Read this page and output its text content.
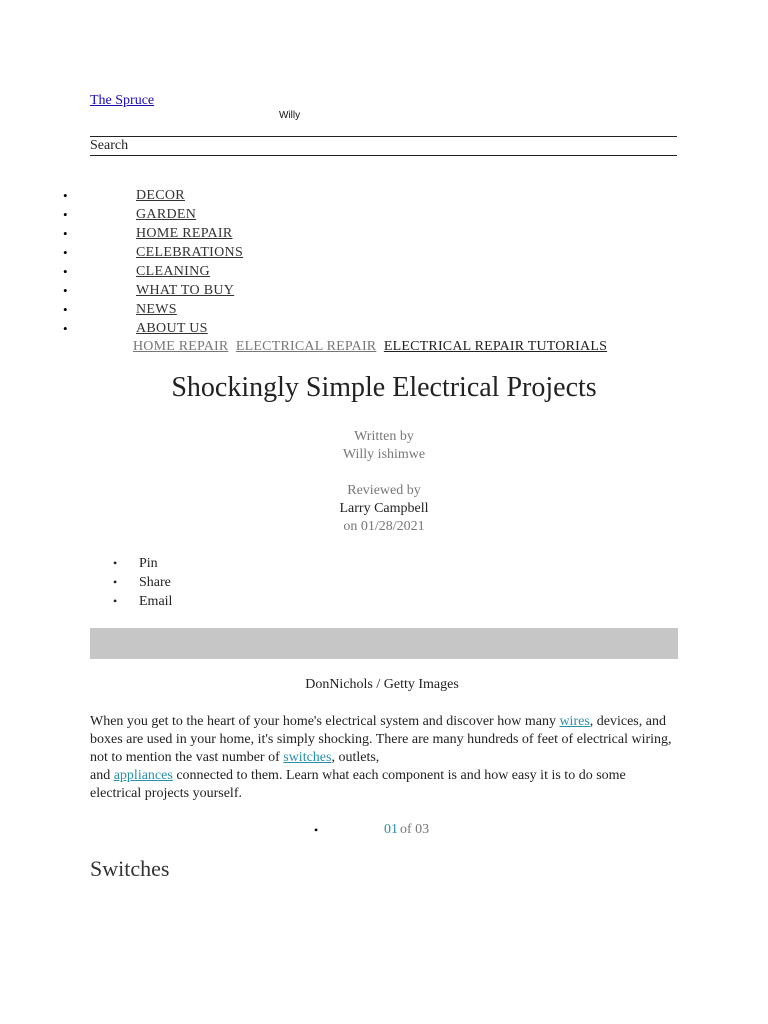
The Spruce
Willy
Search
•	DECOR
•	GARDEN
•	HOME REPAIR
•	CELEBRATIONS
•	CLEANING
•	WHAT TO BUY
•	NEWS
•	ABOUT US
HOME REPAIR ELECTRICAL REPAIR ELECTRICAL REPAIR TUTORIALS
Shockingly Simple Electrical Projects
Written by
Willy ishimwe
Reviewed by
Larry Campbell
on 01/28/2021
• Pin
• Share
• Email
DonNichols / Getty Images
When you get to the heart of your home's electrical system and discover how many wires, devices, and boxes are used in your home, it's simply shocking. There are many hundreds of feet of electrical wiring, not to mention the vast number of switches, outlets,
and appliances connected to them. Learn what each component is and how easy it is to do some electrical projects yourself.
•	01 of 03
Switches
